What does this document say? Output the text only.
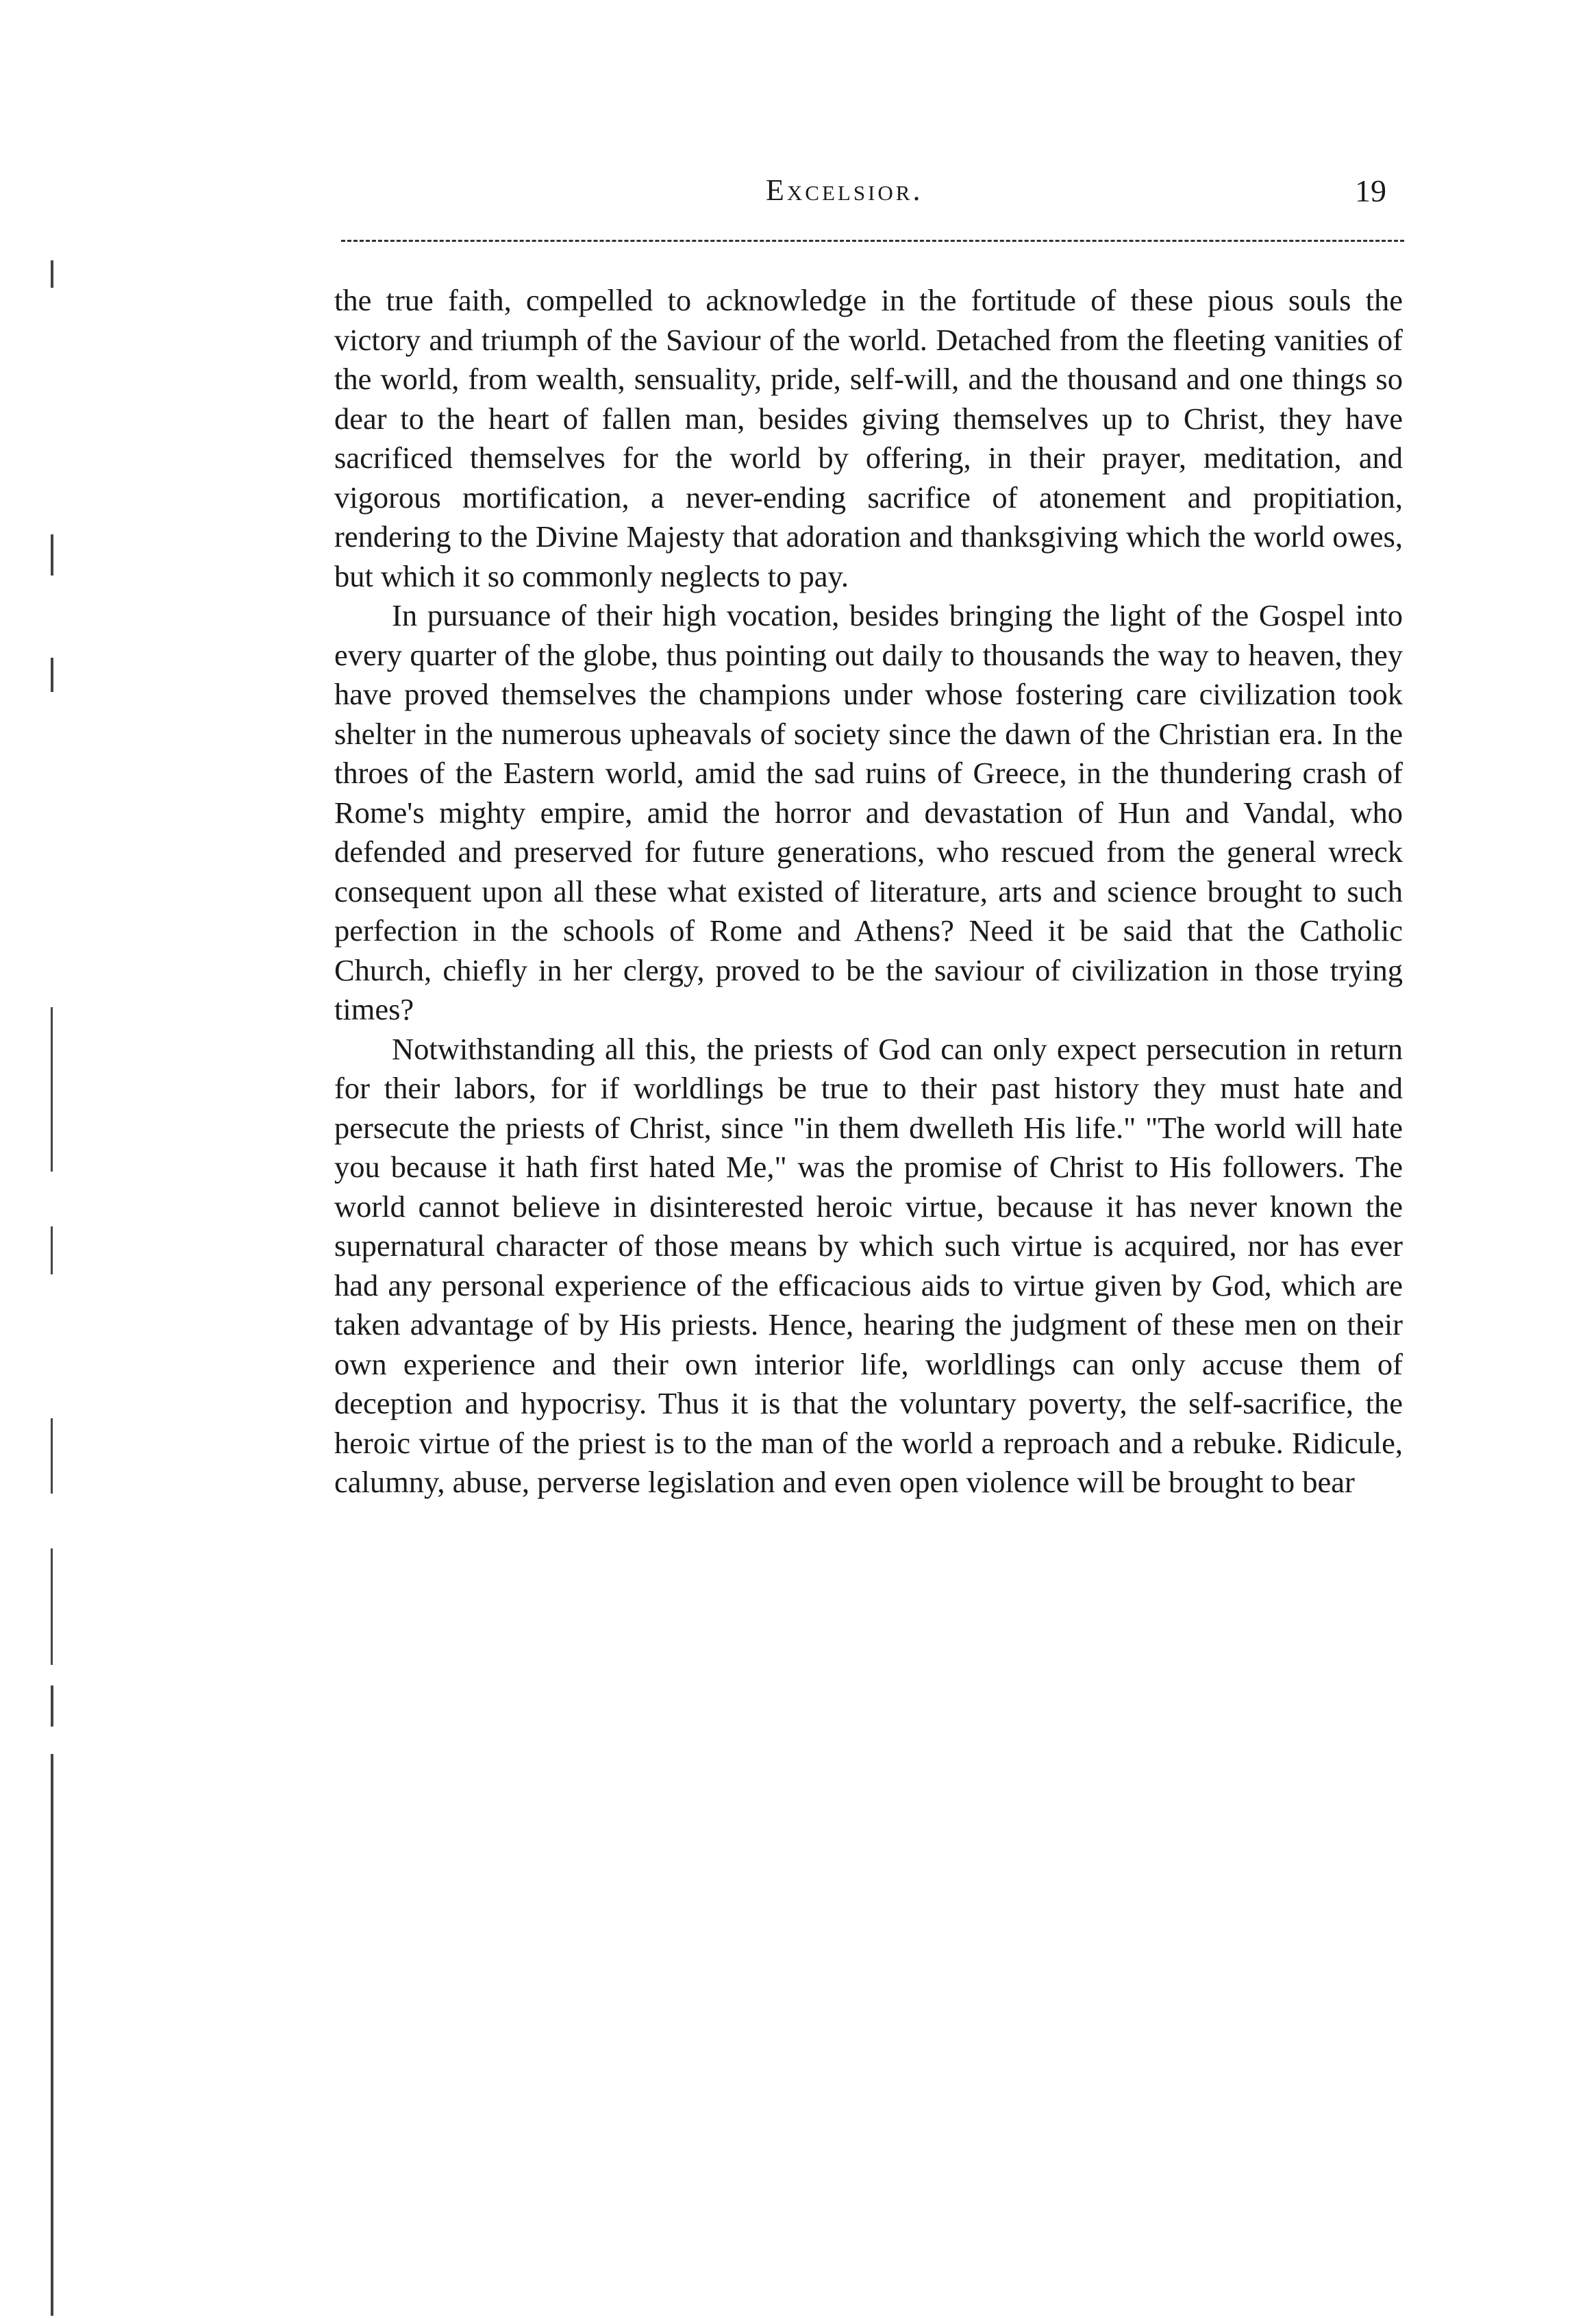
Excelsior.	19

the true faith, compelled to acknowledge in the fortitude of these pious souls the victory and triumph of the Saviour of the world. Detached from the fleeting vanities of the world, from wealth, sensuality, pride, self-will, and the thousand and one things so dear to the heart of fallen man, besides giving themselves up to Christ, they have sacrificed themselves for the world by offering, in their prayer, meditation, and vigorous mortification, a never-ending sacrifice of atonement and propitiation, rendering to the Divine Majesty that adoration and thanksgiving which the world owes, but which it so commonly neglects to pay.

In pursuance of their high vocation, besides bringing the light of the Gospel into every quarter of the globe, thus pointing out daily to thousands the way to heaven, they have proved themselves the champions under whose fostering care civilization took shelter in the numerous upheavals of society since the dawn of the Christian era. In the throes of the Eastern world, amid the sad ruins of Greece, in the thundering crash of Rome's mighty empire, amid the horror and devastation of Hun and Vandal, who defended and preserved for future generations, who rescued from the general wreck consequent upon all these what existed of literature, arts and science brought to such perfection in the schools of Rome and Athens? Need it be said that the Catholic Church, chiefly in her clergy, proved to be the saviour of civilization in those trying times?

Notwithstanding all this, the priests of God can only expect persecution in return for their labors, for if worldlings be true to their past history they must hate and persecute the priests of Christ, since "in them dwelleth His life." "The world will hate you because it hath first hated Me," was the promise of Christ to His followers. The world cannot believe in disinterested heroic virtue, because it has never known the supernatural character of those means by which such virtue is acquired, nor has ever had any personal experience of the efficacious aids to virtue given by God, which are taken advantage of by His priests. Hence, hearing the judgment of these men on their own experience and their own interior life, worldlings can only accuse them of deception and hypocrisy. Thus it is that the voluntary poverty, the self-sacrifice, the heroic virtue of the priest is to the man of the world a reproach and a rebuke. Ridicule, calumny, abuse, perverse legislation and even open violence will be brought to bear
